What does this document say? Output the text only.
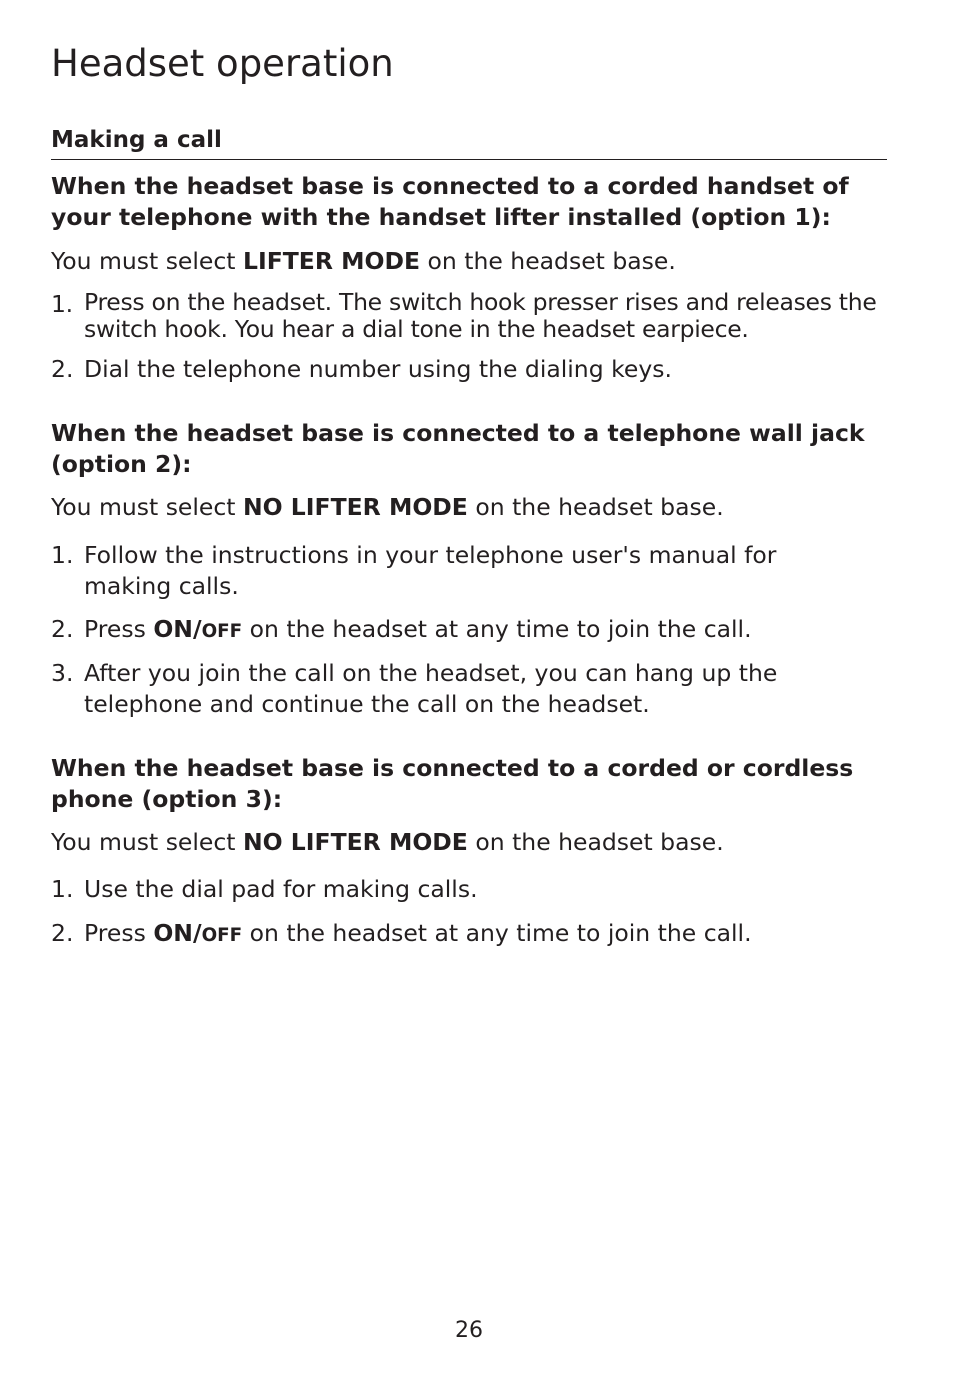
Headset operation
Making a call
When the headset base is connected to a corded handset of your telephone with the handset lifter installed (option 1):

You must select LIFTER MODE on the headset base.

1. Press on the headset. The switch hook presser rises and releases the switch hook. You hear a dial tone in the headset earpiece.
2. Dial the telephone number using the dialing keys.
When the headset base is connected to a telephone wall jack (option 2):

You must select NO LIFTER MODE on the headset base.

1. Follow the instructions in your telephone user's manual for making calls.
2. Press ON/OFF on the headset at any time to join the call.
3. After you join the call on the headset, you can hang up the telephone and continue the call on the headset.
When the headset base is connected to a corded or cordless phone (option 3):

You must select NO LIFTER MODE on the headset base.

1. Use the dial pad for making calls.
2. Press ON/OFF on the headset at any time to join the call.
26
